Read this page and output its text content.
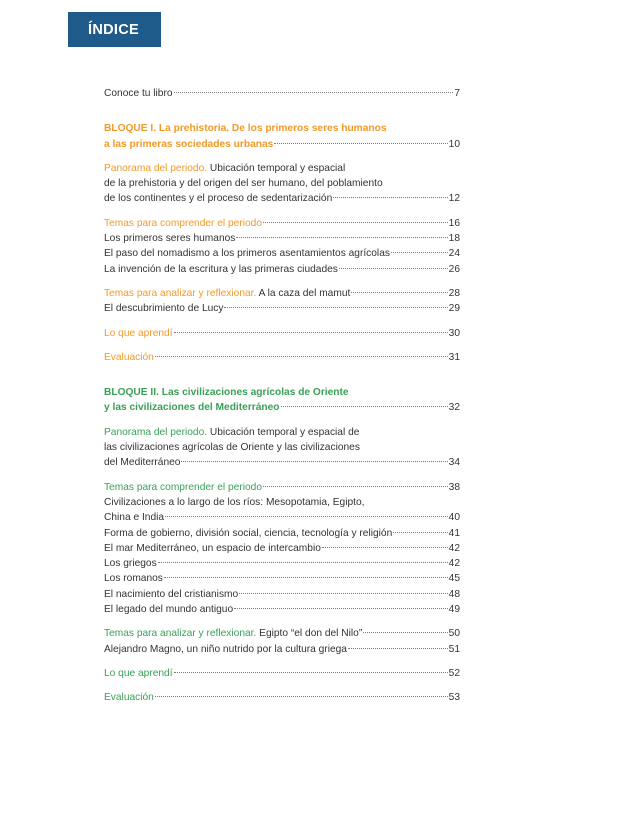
ÍNDICE
Conoce tu libro	7
BLOQUE I. La prehistoria. De los primeros seres humanos
a las primeras sociedades urbanas	10
Panorama del periodo. Ubicación temporal y espacial
de la prehistoria y del origen del ser humano, del poblamiento
de los continentes y el proceso de sedentarización	12
Temas para comprender el periodo	16
Los primeros seres humanos	18
El paso del nomadismo a los primeros asentamientos agrícolas	24
La invención de la escritura y las primeras ciudades	26
Temas para analizar y reflexionar. A la caza del mamut	28
El descubrimiento de Lucy	29
Lo que aprendí	30
Evaluación	31
BLOQUE II. Las civilizaciones agrícolas de Oriente
y las civilizaciones del Mediterráneo	32
Panorama del periodo. Ubicación temporal y espacial de
las civilizaciones agrícolas de Oriente y las civilizaciones
del Mediterráneo	34
Temas para comprender el periodo	38
Civilizaciones a lo largo de los ríos: Mesopotamia, Egipto,
China e India	40
Forma de gobierno, división social, ciencia, tecnología y religión	41
El mar Mediterráneo, un espacio de intercambio	42
Los griegos	42
Los romanos	45
El nacimiento del cristianismo	48
El legado del mundo antiguo	49
Temas para analizar y reflexionar. Egipto “el don del Nilo”	50
Alejandro Magno, un niño nutrido por la cultura griega	51
Lo que aprendí	52
Evaluación	53
